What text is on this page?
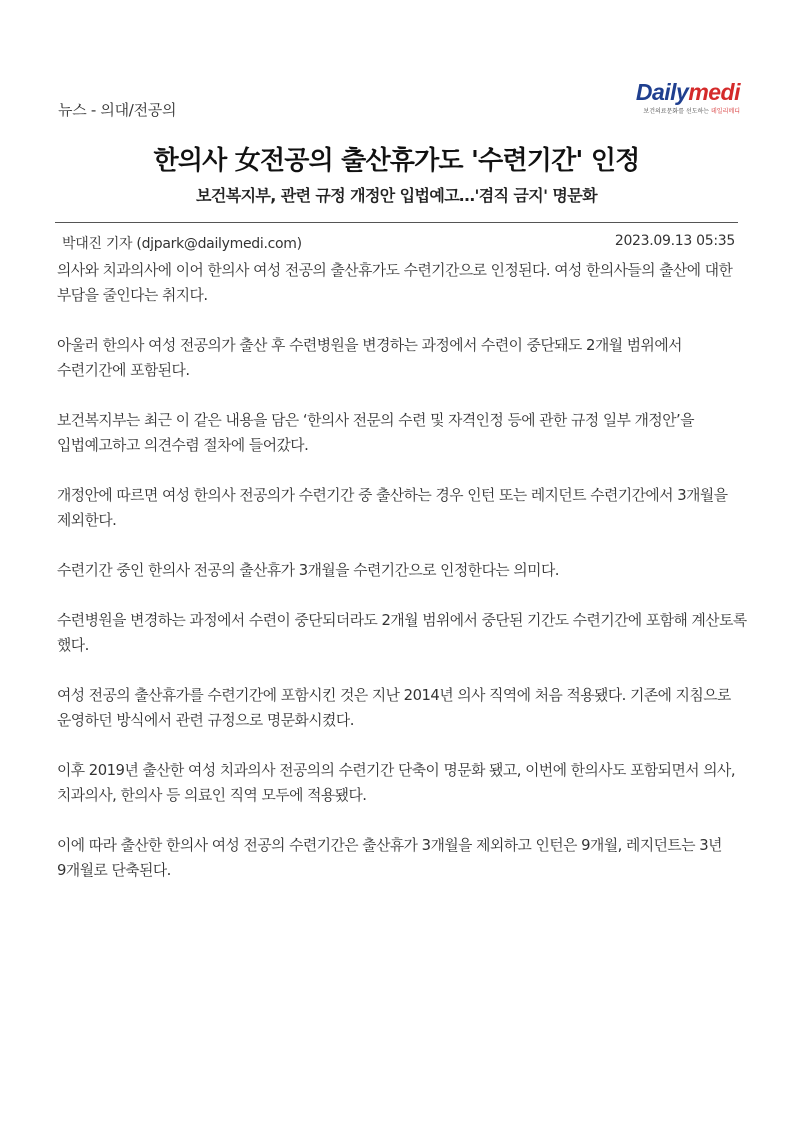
뉴스 - 의대/전공의
Dailymedi
보건의료문화를 선도하는 데일리메디
한의사 女전공의 출산휴가도 '수련기간' 인정
보건복지부, 관련 규정 개정안 입법예고…'겸직 금지' 명문화
박대진 기자 (djpark@dailymedi.com)	2023.09.13 05:35

의사와 치과의사에 이어 한의사 여성 전공의 출산휴가도 수련기간으로 인정된다. 여성 한의사들의 출산에 대한 부담을 줄인다는 취지다.

아울러 한의사 여성 전공의가 출산 후 수련병원을 변경하는 과정에서 수련이 중단돼도 2개월 범위에서 수련기간에 포함된다.

보건복지부는 최근 이 같은 내용을 담은 ‘한의사 전문의 수련 및 자격인정 등에 관한 규정 일부 개정안’을 입법예고하고 의견수렴 절차에 들어갔다.

개정안에 따르면 여성 한의사 전공의가 수련기간 중 출산하는 경우 인턴 또는 레지던트 수련기간에서 3개월을 제외한다.

수련기간 중인 한의사 전공의 출산휴가 3개월을 수련기간으로 인정한다는 의미다.

수련병원을 변경하는 과정에서 수련이 중단되더라도 2개월 범위에서 중단된 기간도 수련기간에 포함해 계산토록 했다.

여성 전공의 출산휴가를 수련기간에 포함시킨 것은 지난 2014년 의사 직역에 처음 적용됐다. 기존에 지침으로 운영하던 방식에서 관련 규정으로 명문화시켰다.

이후 2019년 출산한 여성 치과의사 전공의의 수련기간 단축이 명문화 됐고, 이번에 한의사도 포함되면서 의사, 치과의사, 한의사 등 의료인 직역 모두에 적용됐다.

이에 따라 출산한 한의사 여성 전공의 수련기간은 출산휴가 3개월을 제외하고 인턴은 9개월, 레지던트는 3년 9개월로 단축된다.
